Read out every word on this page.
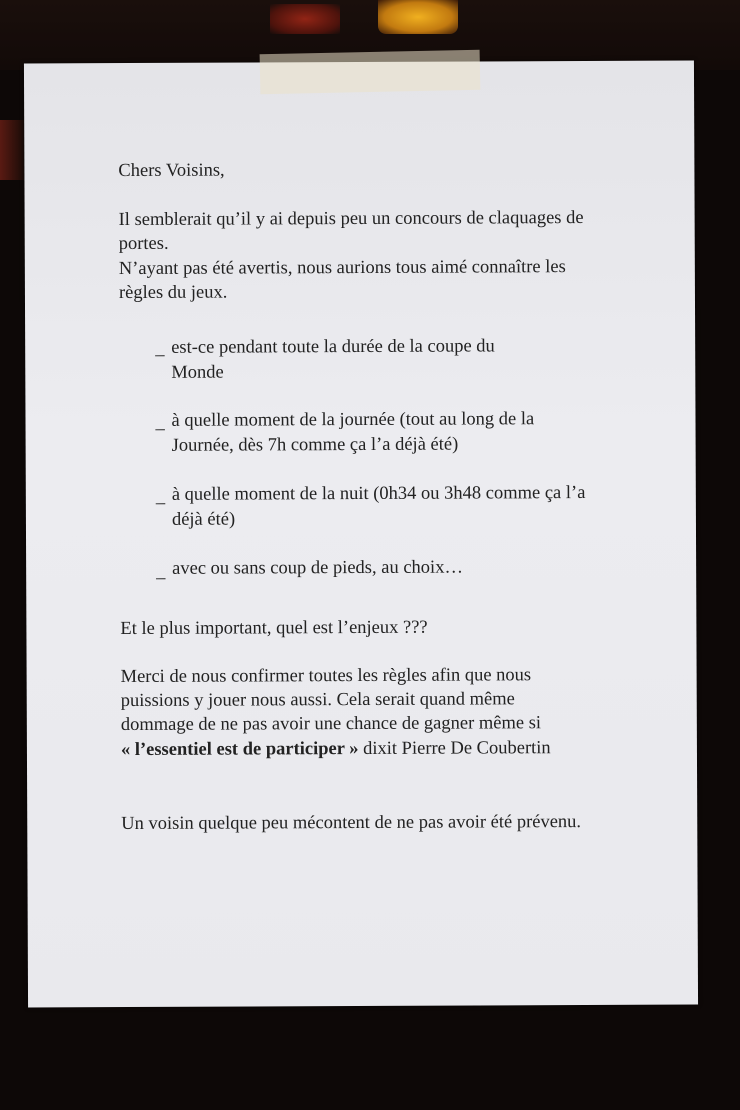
Chers Voisins,
Il semblerait qu’il y ai depuis peu un concours de claquages de
portes.
N’ayant pas été avertis, nous aurions tous aimé connaître les
règles du jeux.
_ est-ce pendant toute la durée de la coupe du
Monde
_ à quelle moment de la journée (tout au long de la
Journée, dès 7h comme ça l’a déjà été)
_ à quelle moment de la nuit (0h34 ou 3h48 comme ça l’a
déjà été)
_ avec ou sans coup de pieds, au choix…
Et le plus important, quel est l’enjeux ???
Merci de nous confirmer toutes les règles afin que nous
puissions y jouer nous aussi. Cela serait quand même
dommage de ne pas avoir une chance de gagner même si
« l’essentiel est de participer » dixit Pierre De Coubertin
Un voisin quelque peu mécontent de ne pas avoir été prévenu.
